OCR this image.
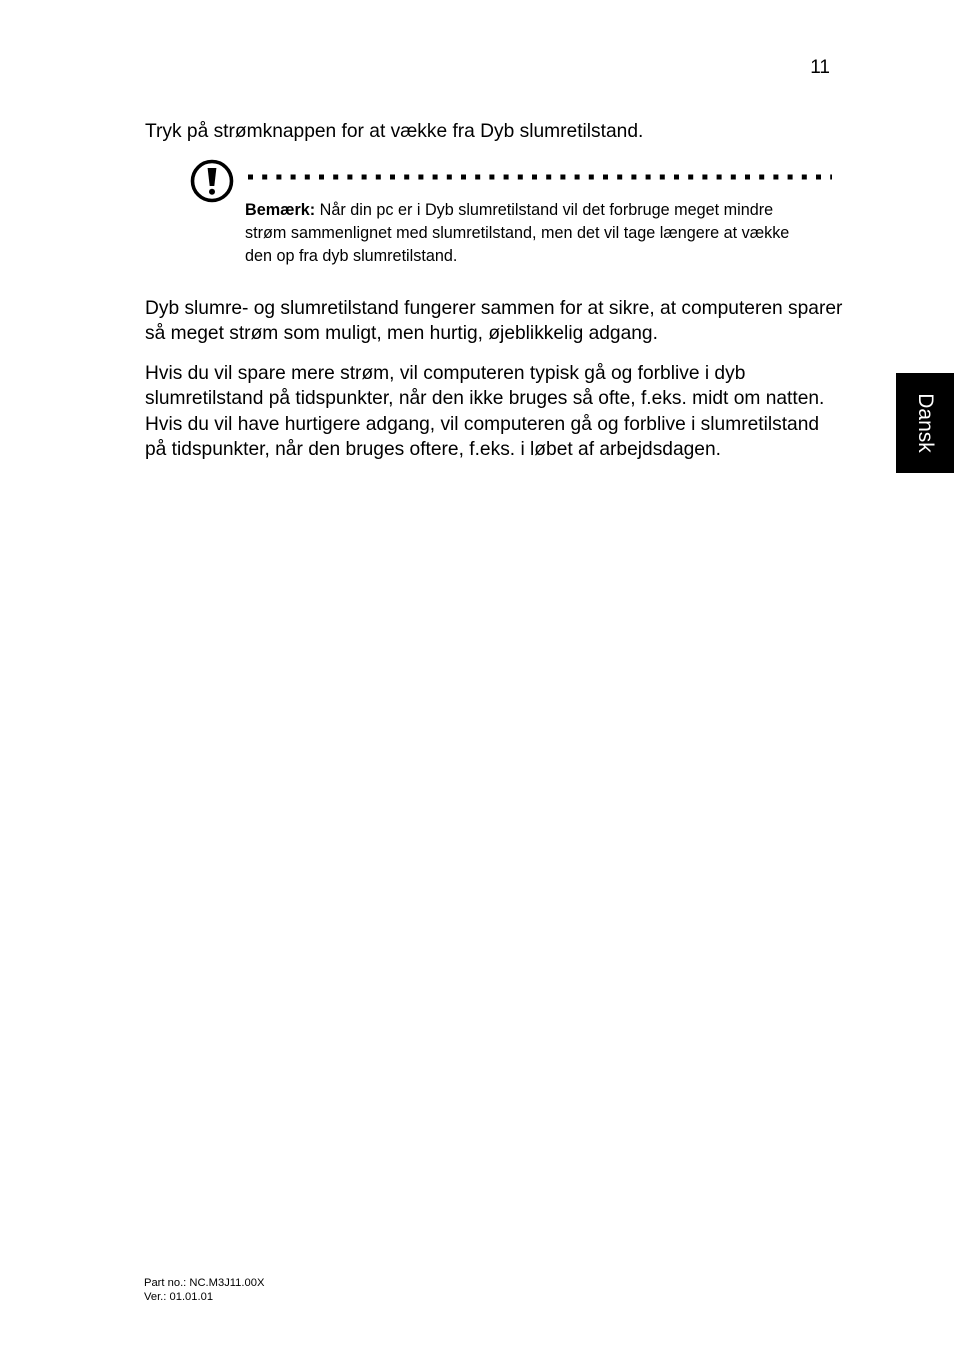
11

Tryk på strømknappen for at vække fra Dyb slumretilstand.

Bemærk: Når din pc er i Dyb slumretilstand vil det forbruge meget mindre strøm sammenlignet med slumretilstand, men det vil tage længere at vække den op fra dyb slumretilstand.

Dyb slumre- og slumretilstand fungerer sammen for at sikre, at computeren sparer så meget strøm som muligt, men hurtig, øjeblikkelig adgang.

Hvis du vil spare mere strøm, vil computeren typisk gå og forblive i dyb slumretilstand på tidspunkter, når den ikke bruges så ofte, f.eks. midt om natten. Hvis du vil have hurtigere adgang, vil computeren gå og forblive i slumretilstand på tidspunkter, når den bruges oftere, f.eks. i løbet af arbejdsdagen.	Dansk
Part no.: NC.M3J11.00X
Ver.: 01.01.01
